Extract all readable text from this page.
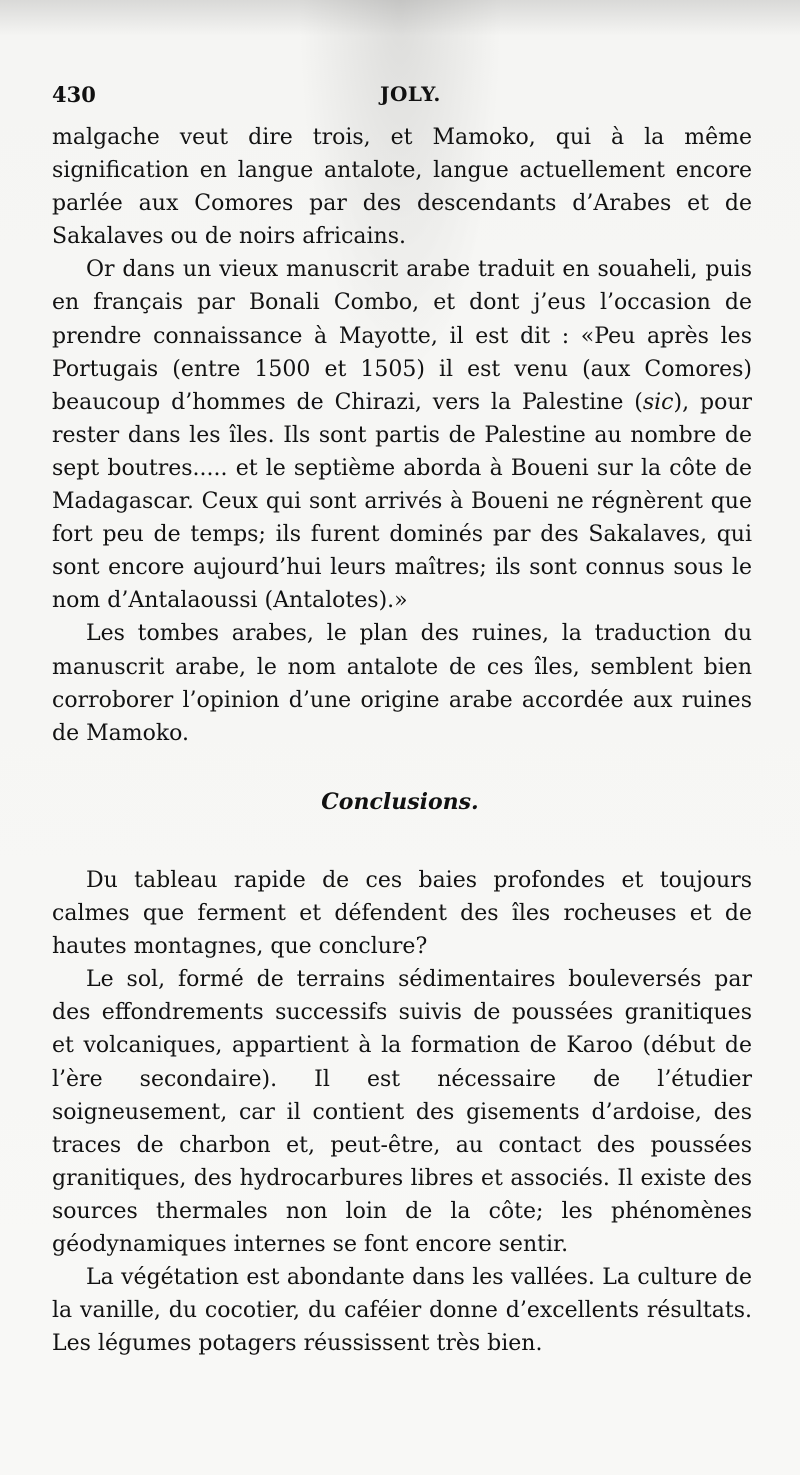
430	JOLY.

malgache veut dire trois, et Mamoko, qui à la même signification en langue antalote, langue actuellement encore parlée aux Comores par des descendants d’Arabes et de Sakalaves ou de noirs africains.

Or dans un vieux manuscrit arabe traduit en souaheli, puis en français par Bonali Combo, et dont j’eus l’occasion de prendre connaissance à Mayotte, il est dit : «Peu après les Portugais (entre 1500 et 1505) il est venu (aux Comores) beaucoup d’hommes de Chirazi, vers la Palestine (sic), pour rester dans les îles. Ils sont partis de Palestine au nombre de sept boutres..... et le septième aborda à Boueni sur la côte de Madagascar. Ceux qui sont arrivés à Boueni ne régnèrent que fort peu de temps; ils furent dominés par des Sakalaves, qui sont encore aujourd’hui leurs maîtres; ils sont connus sous le nom d’Antalaoussi (Antalotes).»

Les tombes arabes, le plan des ruines, la traduction du manuscrit arabe, le nom antalote de ces îles, semblent bien corroborer l’opinion d’une origine arabe accordée aux ruines de Mamoko.

Conclusions.

Du tableau rapide de ces baies profondes et toujours calmes que ferment et défendent des îles rocheuses et de hautes montagnes, que conclure?

Le sol, formé de terrains sédimentaires bouleversés par des effondrements successifs suivis de poussées granitiques et volcaniques, appartient à la formation de Karoo (début de l’ère secondaire). Il est nécessaire de l’étudier soigneusement, car il contient des gisements d’ardoise, des traces de charbon et, peut-être, au contact des poussées granitiques, des hydrocarbures libres et associés. Il existe des sources thermales non loin de la côte; les phénomènes géodynamiques internes se font encore sentir.

La végétation est abondante dans les vallées. La culture de la vanille, du cocotier, du caféier donne d’excellents résultats. Les légumes potagers réussissent très bien.
